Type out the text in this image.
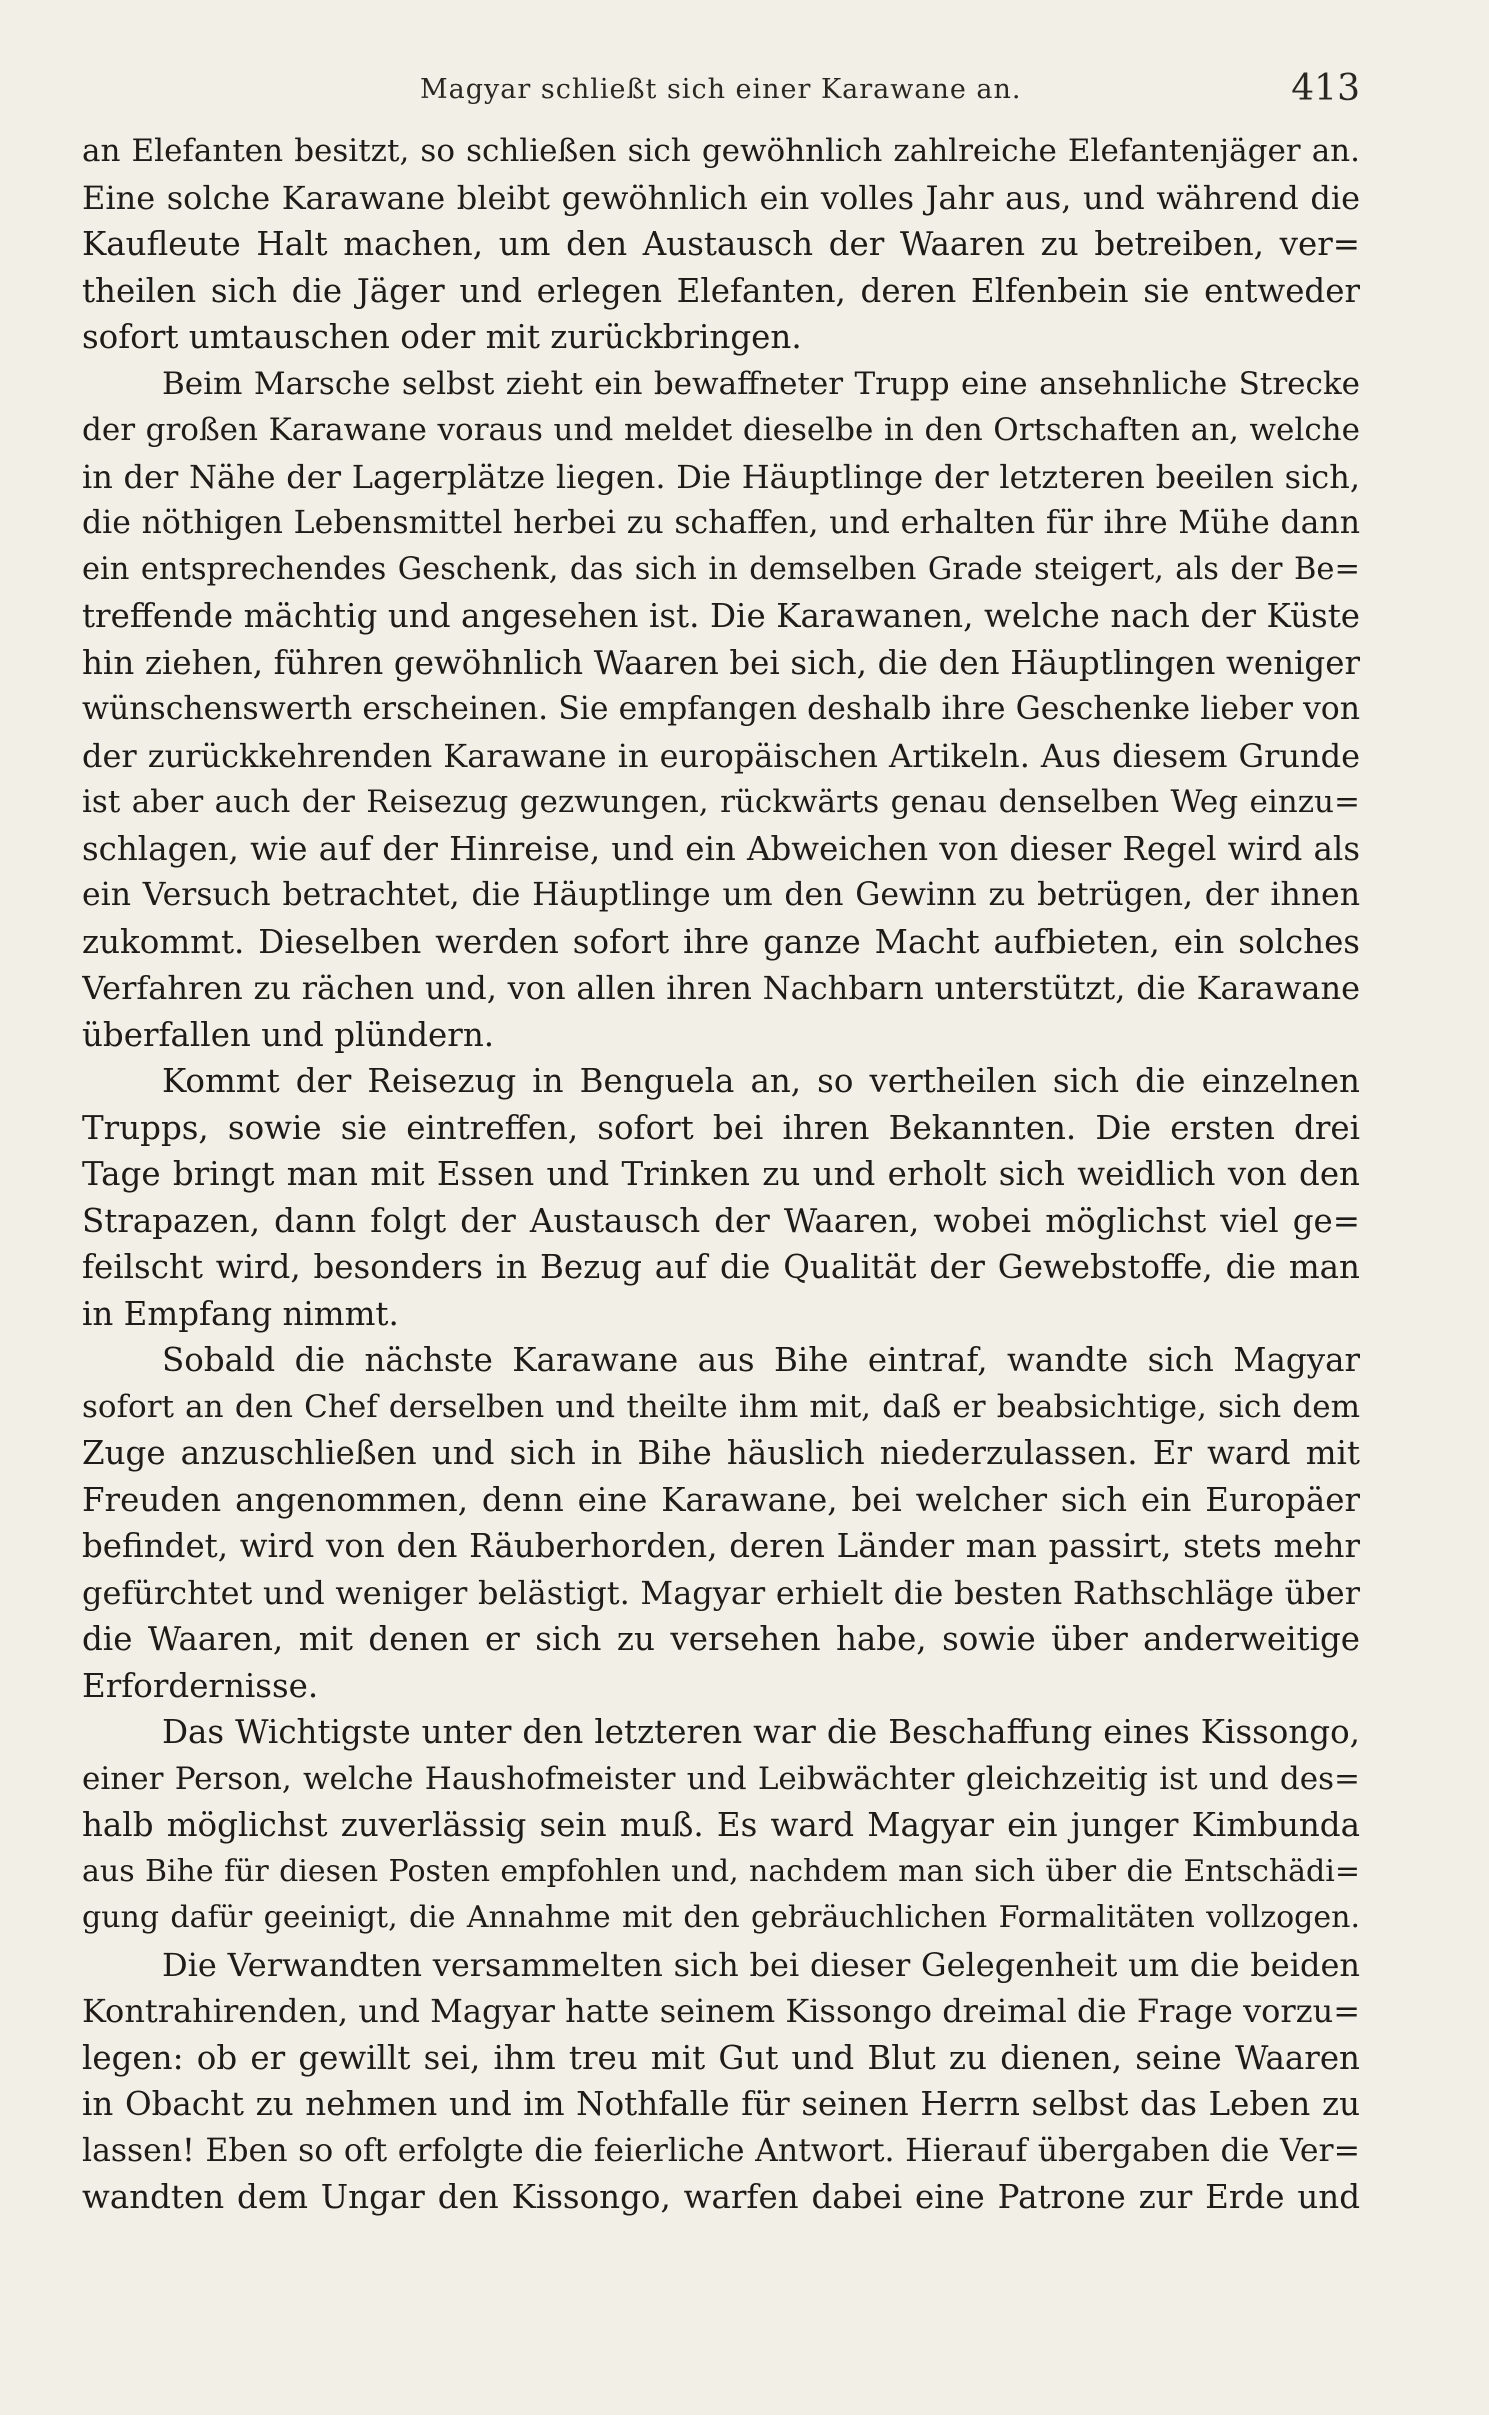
Magyar schließt sich einer Karawane an.	413
an Elefanten besitzt, so schließen sich gewöhnlich zahlreiche Elefantenjäger an.
Eine solche Karawane bleibt gewöhnlich ein volles Jahr aus, und während die
Kaufleute Halt machen, um den Austausch der Waaren zu betreiben, ver=
theilen sich die Jäger und erlegen Elefanten, deren Elfenbein sie entweder
sofort umtauschen oder mit zurückbringen.
Beim Marsche selbst zieht ein bewaffneter Trupp eine ansehnliche Strecke
der großen Karawane voraus und meldet dieselbe in den Ortschaften an, welche
in der Nähe der Lagerplätze liegen. Die Häuptlinge der letzteren beeilen sich,
die nöthigen Lebensmittel herbei zu schaffen, und erhalten für ihre Mühe dann
ein entsprechendes Geschenk, das sich in demselben Grade steigert, als der Be=
treffende mächtig und angesehen ist. Die Karawanen, welche nach der Küste
hin ziehen, führen gewöhnlich Waaren bei sich, die den Häuptlingen weniger
wünschenswerth erscheinen. Sie empfangen deshalb ihre Geschenke lieber von
der zurückkehrenden Karawane in europäischen Artikeln. Aus diesem Grunde
ist aber auch der Reisezug gezwungen, rückwärts genau denselben Weg einzu=
schlagen, wie auf der Hinreise, und ein Abweichen von dieser Regel wird als
ein Versuch betrachtet, die Häuptlinge um den Gewinn zu betrügen, der ihnen
zukommt. Dieselben werden sofort ihre ganze Macht aufbieten, ein solches
Verfahren zu rächen und, von allen ihren Nachbarn unterstützt, die Karawane
überfallen und plündern.
Kommt der Reisezug in Benguela an, so vertheilen sich die einzelnen
Trupps, sowie sie eintreffen, sofort bei ihren Bekannten. Die ersten drei
Tage bringt man mit Essen und Trinken zu und erholt sich weidlich von den
Strapazen, dann folgt der Austausch der Waaren, wobei möglichst viel ge=
feilscht wird, besonders in Bezug auf die Qualität der Gewebstoffe, die man
in Empfang nimmt.
Sobald die nächste Karawane aus Bihe eintraf, wandte sich Magyar
sofort an den Chef derselben und theilte ihm mit, daß er beabsichtige, sich dem
Zuge anzuschließen und sich in Bihe häuslich niederzulassen. Er ward mit
Freuden angenommen, denn eine Karawane, bei welcher sich ein Europäer
befindet, wird von den Räuberhorden, deren Länder man passirt, stets mehr
gefürchtet und weniger belästigt. Magyar erhielt die besten Rathschläge über
die Waaren, mit denen er sich zu versehen habe, sowie über anderweitige
Erfordernisse.
Das Wichtigste unter den letzteren war die Beschaffung eines Kissongo,
einer Person, welche Haushofmeister und Leibwächter gleichzeitig ist und des=
halb möglichst zuverlässig sein muß. Es ward Magyar ein junger Kimbunda
aus Bihe für diesen Posten empfohlen und, nachdem man sich über die Entschädi=
gung dafür geeinigt, die Annahme mit den gebräuchlichen Formalitäten vollzogen.
Die Verwandten versammelten sich bei dieser Gelegenheit um die beiden
Kontrahirenden, und Magyar hatte seinem Kissongo dreimal die Frage vorzu=
legen: ob er gewillt sei, ihm treu mit Gut und Blut zu dienen, seine Waaren
in Obacht zu nehmen und im Nothfalle für seinen Herrn selbst das Leben zu
lassen! Eben so oft erfolgte die feierliche Antwort. Hierauf übergaben die Ver=
wandten dem Ungar den Kissongo, warfen dabei eine Patrone zur Erde und
